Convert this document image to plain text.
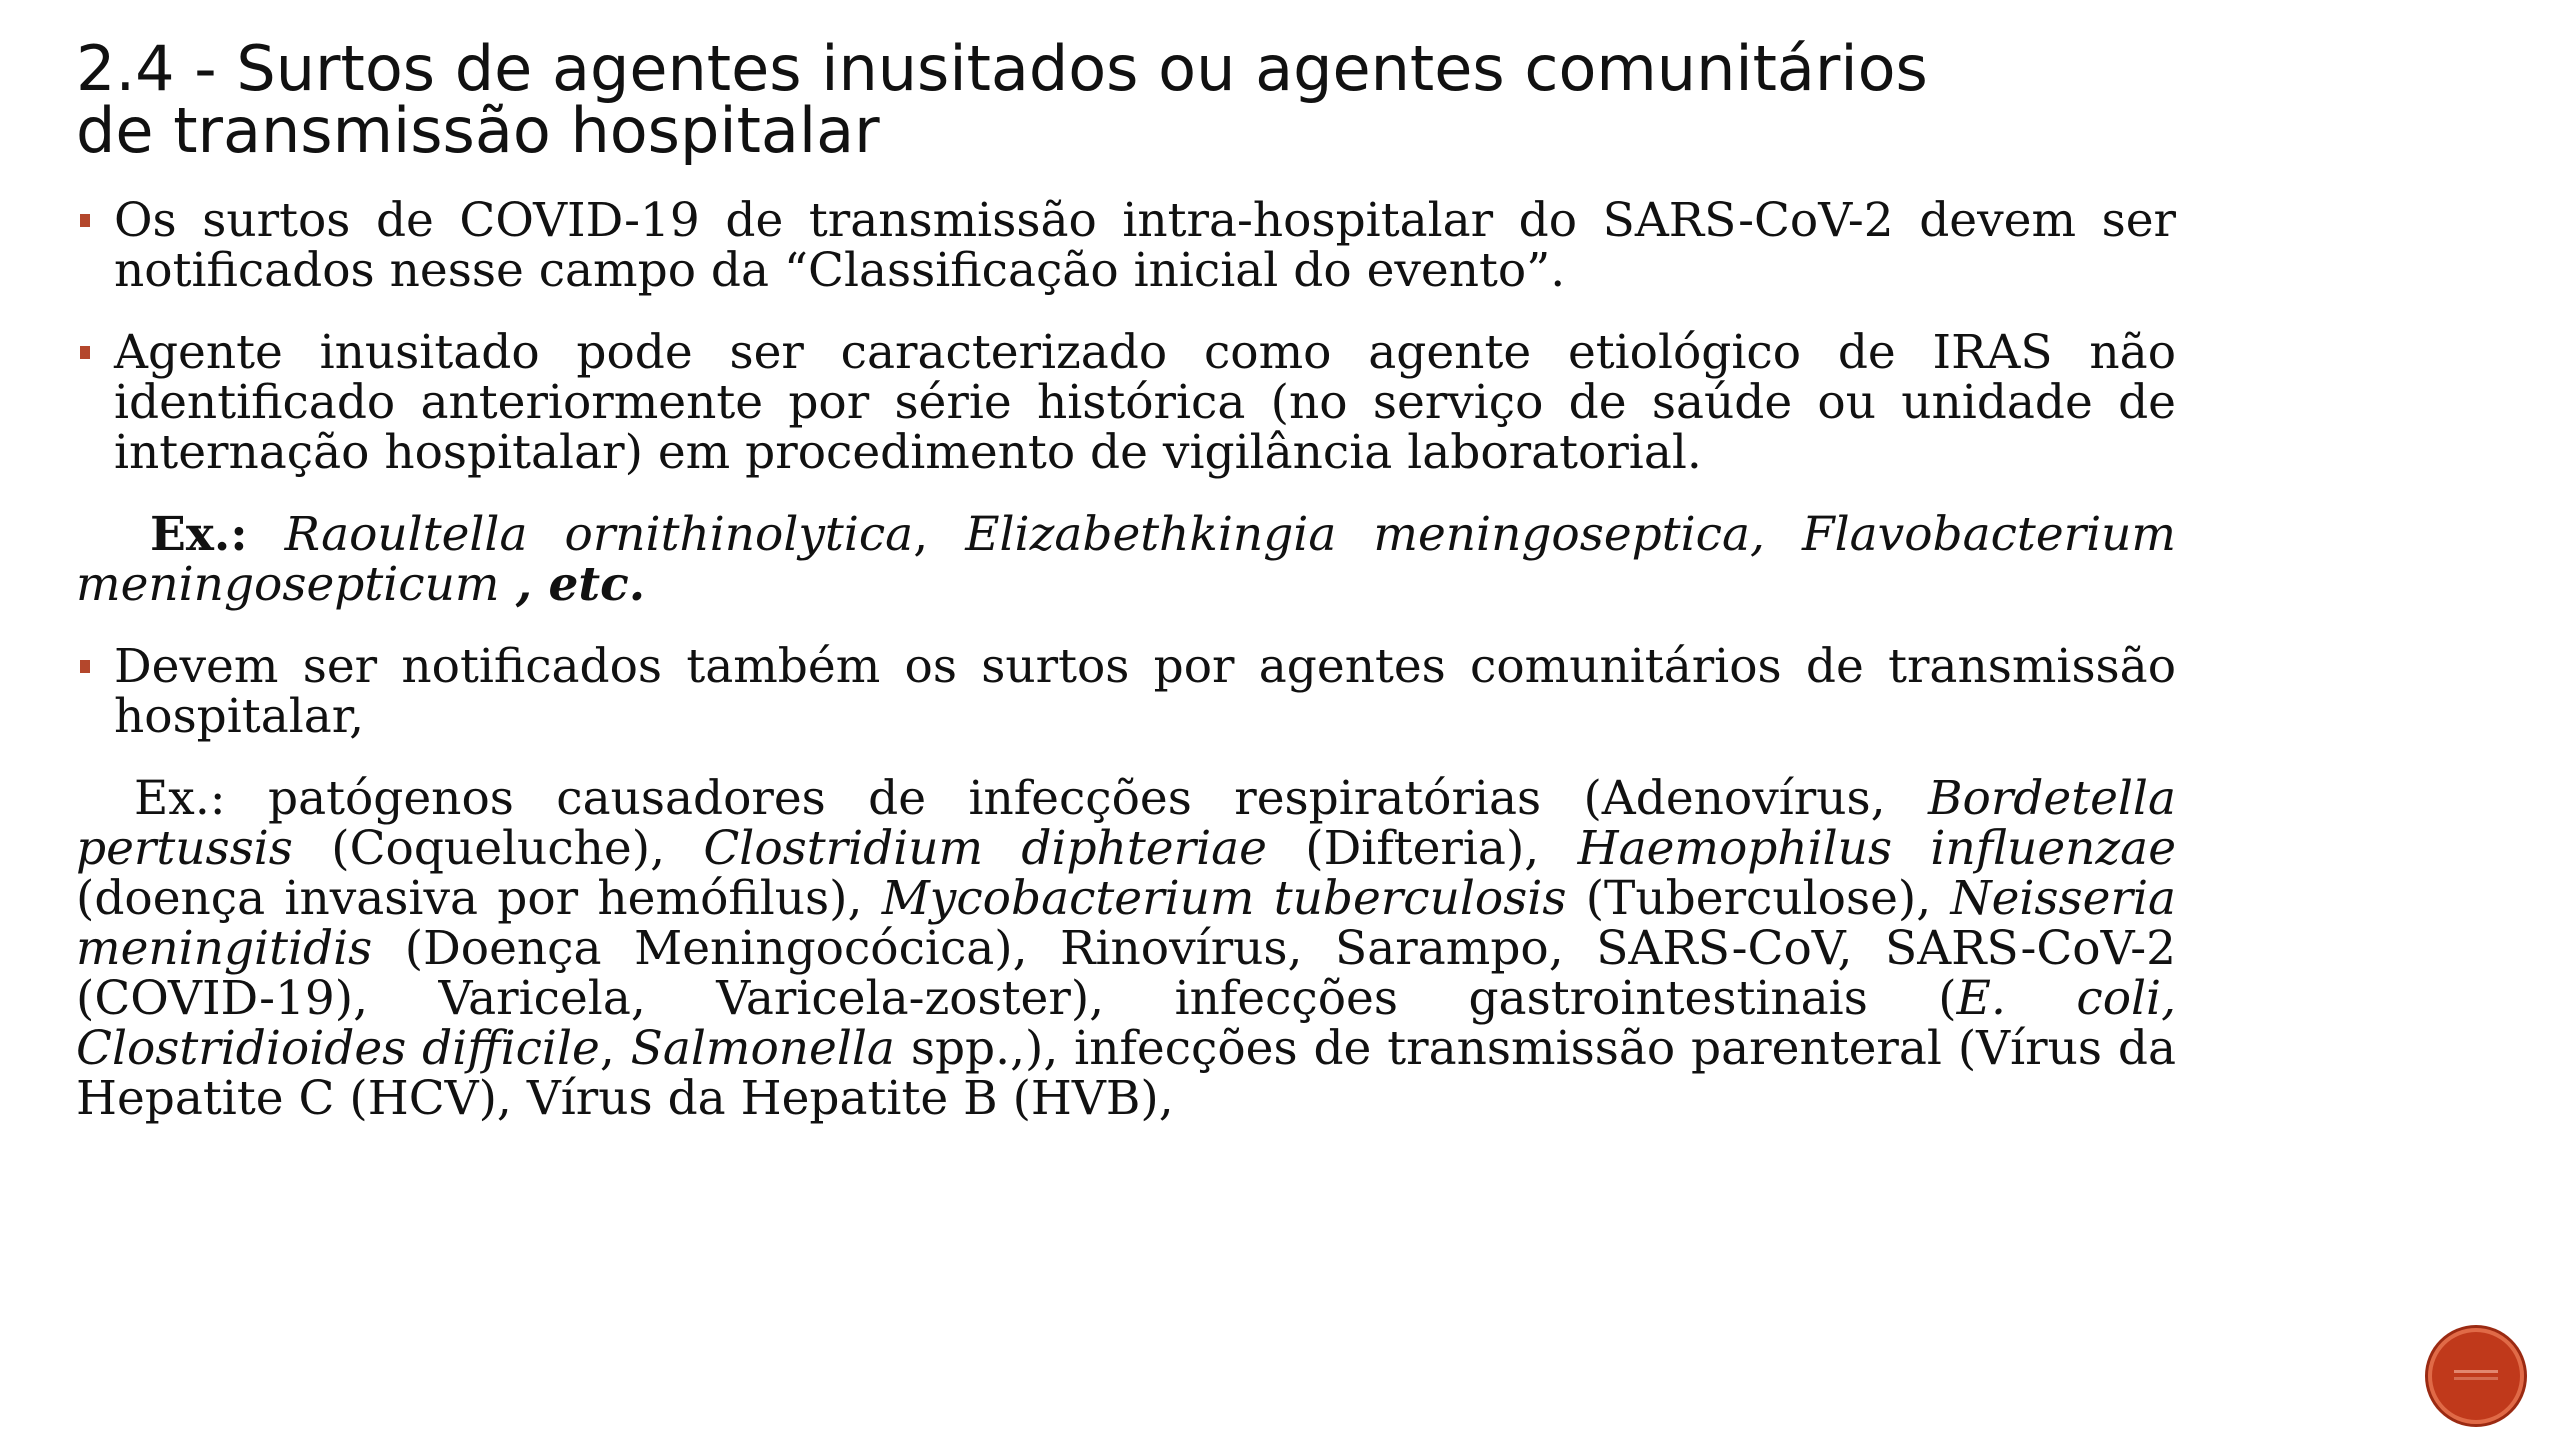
2.4 - Surtos de agentes inusitados ou agentes comunitários
de transmissão hospitalar
Os surtos de COVID-19 de transmissão intra-hospitalar do SARS-CoV-2 devem ser notificados nesse campo da “Classificação inicial do evento”.
Agente inusitado pode ser caracterizado como agente etiológico de IRAS não identificado anteriormente por série histórica (no serviço de saúde ou unidade de internação hospitalar) em procedimento de vigilância laboratorial.

Ex.: Raoultella ornithinolytica, Elizabethkingia meningoseptica, Flavobacterium meningosepticum , etc.

Devem ser notificados também os surtos por agentes comunitários de transmissão hospitalar,

Ex.: patógenos causadores de infecções respiratórias (Adenovírus, Bordetella pertussis (Coqueluche), Clostridium diphteriae (Difteria), Haemophilus influenzae (doença invasiva por hemófilus), Mycobacterium tuberculosis (Tuberculose), Neisseria meningitidis (Doença Meningocócica), Rinovírus, Sarampo, SARS-CoV, SARS-CoV-2 (COVID-19), Varicela, Varicela-zoster), infecções gastrointestinais (E. coli, Clostridioides difficile, Salmonella spp.,), infecções de transmissão parenteral (Vírus da Hepatite C (HCV), Vírus da Hepatite B (HVB),
